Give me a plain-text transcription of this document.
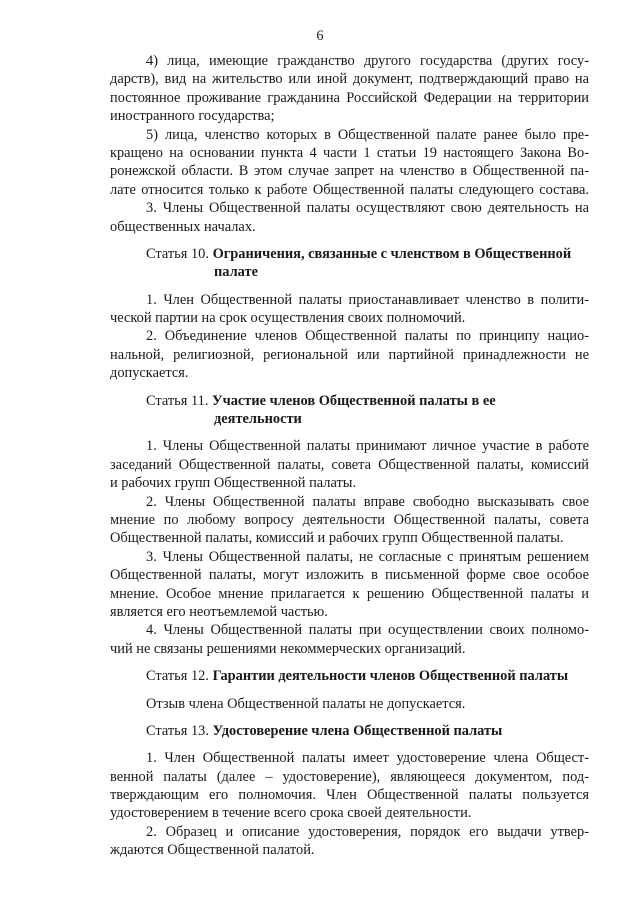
6
4) лица, имеющие гражданство другого государства (других госу-
дарств), вид на жительство или иной документ, подтверждающий право на
постоянное проживание гражданина Российской Федерации на территории
иностранного государства;
5) лица, членство которых в Общественной палате ранее было пре-
кращено на основании пункта 4 части 1 статьи 19 настоящего Закона Во-
ронежской области. В этом случае запрет на членство в Общественной па-
лате относится только к работе Общественной палаты следующего состава.
3. Члены Общественной палаты осуществляют свою деятельность на
общественных началах.
Статья 10. Ограничения, связанные с членством в Общественной
палате
1. Член Общественной палаты приостанавливает членство в полити-
ческой партии на срок осуществления своих полномочий.
2. Объединение членов Общественной палаты по принципу нацио-
нальной, религиозной, региональной или партийной принадлежности не
допускается.
Статья 11. Участие членов Общественной палаты в ее
деятельности
1. Члены Общественной палаты принимают личное участие в работе
заседаний Общественной палаты, совета Общественной палаты, комиссий
и рабочих групп Общественной палаты.
2. Члены Общественной палаты вправе свободно высказывать свое
мнение по любому вопросу деятельности Общественной палаты, совета
Общественной палаты, комиссий и рабочих групп Общественной палаты.
3. Члены Общественной палаты, не согласные с принятым решением
Общественной палаты, могут изложить в письменной форме свое особое
мнение. Особое мнение прилагается к решению Общественной палаты и
является его неотъемлемой частью.
4. Члены Общественной палаты при осуществлении своих полномо-
чий не связаны решениями некоммерческих организаций.
Статья 12. Гарантии деятельности членов Общественной палаты
Отзыв члена Общественной палаты не допускается.
Статья 13. Удостоверение члена Общественной палаты
1. Член Общественной палаты имеет удостоверение члена Общест-
венной палаты (далее – удостоверение), являющееся документом, под-
тверждающим его полномочия. Член Общественной палаты пользуется
удостоверением в течение всего срока своей деятельности.
2. Образец и описание удостоверения, порядок его выдачи утвер-
ждаются Общественной палатой.
